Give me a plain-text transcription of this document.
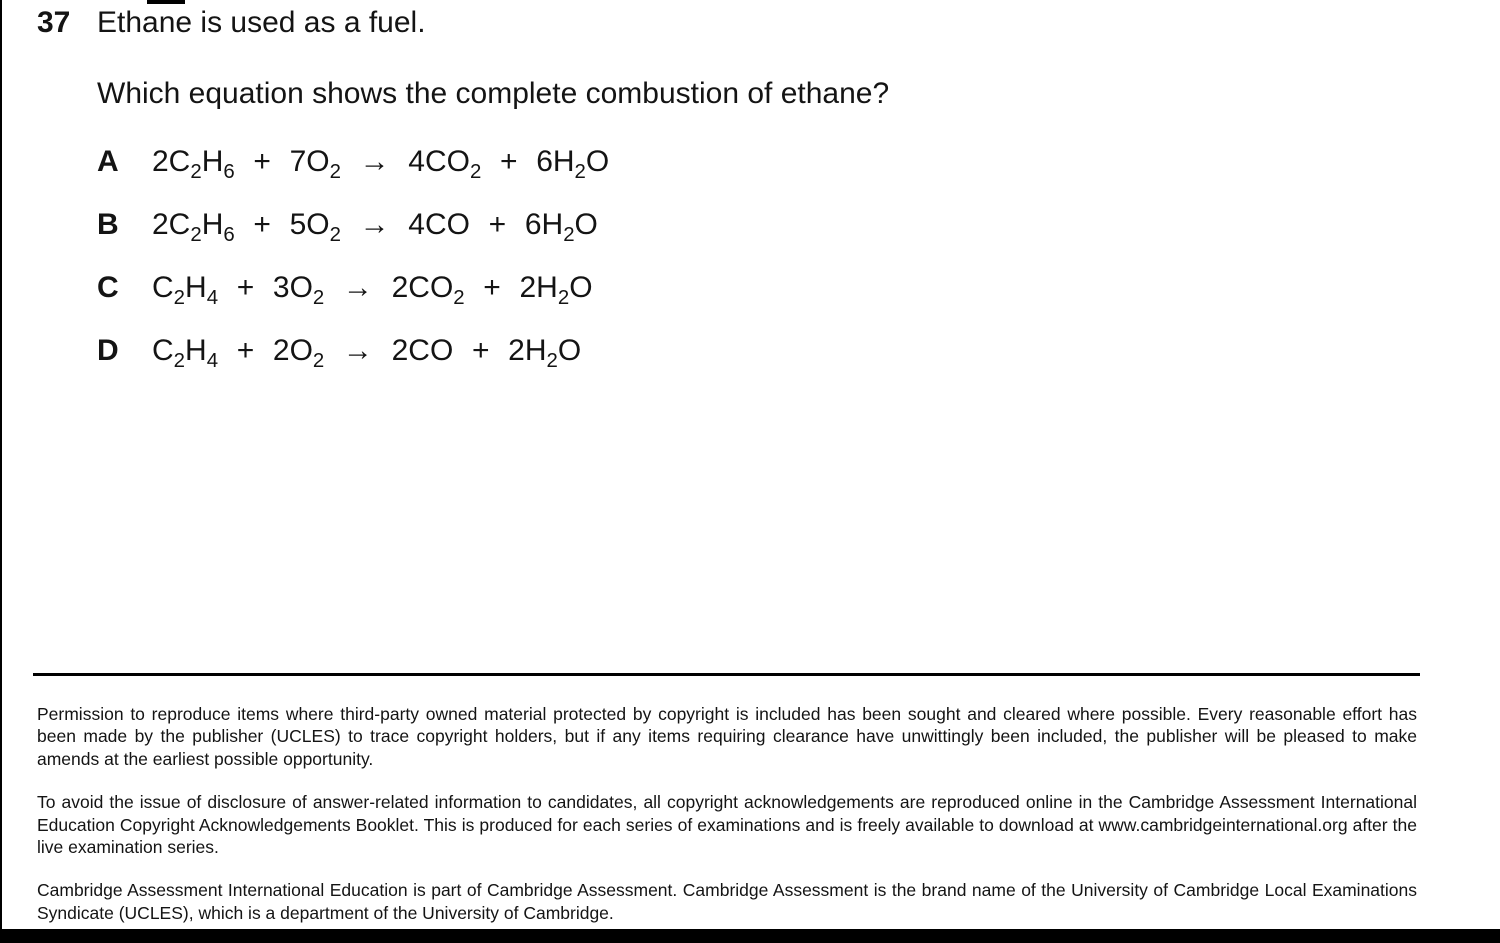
37 Ethane is used as a fuel.
Which equation shows the complete combustion of ethane?
A $2C_2H_6 + 7O_2 \to 4CO_2 + 6H_2O$
B $2C_2H_6 + 5O_2 \to 4CO + 6H_2O$
C $C_2H_4 + 3O_2 \to 2CO_2 + 2H_2O$
D $C_2H_4 + 2O_2 \to 2CO + 2H_2O$

Permission to reproduce items where third-party owned material protected by copyright is included has been sought and cleared where possible. Every reasonable effort has been made by the publisher (UCLES) to trace copyright holders, but if any items requiring clearance have unwittingly been included, the publisher will be pleased to make amends at the earliest possible opportunity.

To avoid the issue of disclosure of answer-related information to candidates, all copyright acknowledgements are reproduced online in the Cambridge Assessment International Education Copyright Acknowledgements Booklet. This is produced for each series of examinations and is freely available to download at www.cambridgeinternational.org after the live examination series.

Cambridge Assessment International Education is part of Cambridge Assessment. Cambridge Assessment is the brand name of the University of Cambridge Local Examinations Syndicate (UCLES), which is a department of the University of Cambridge.
